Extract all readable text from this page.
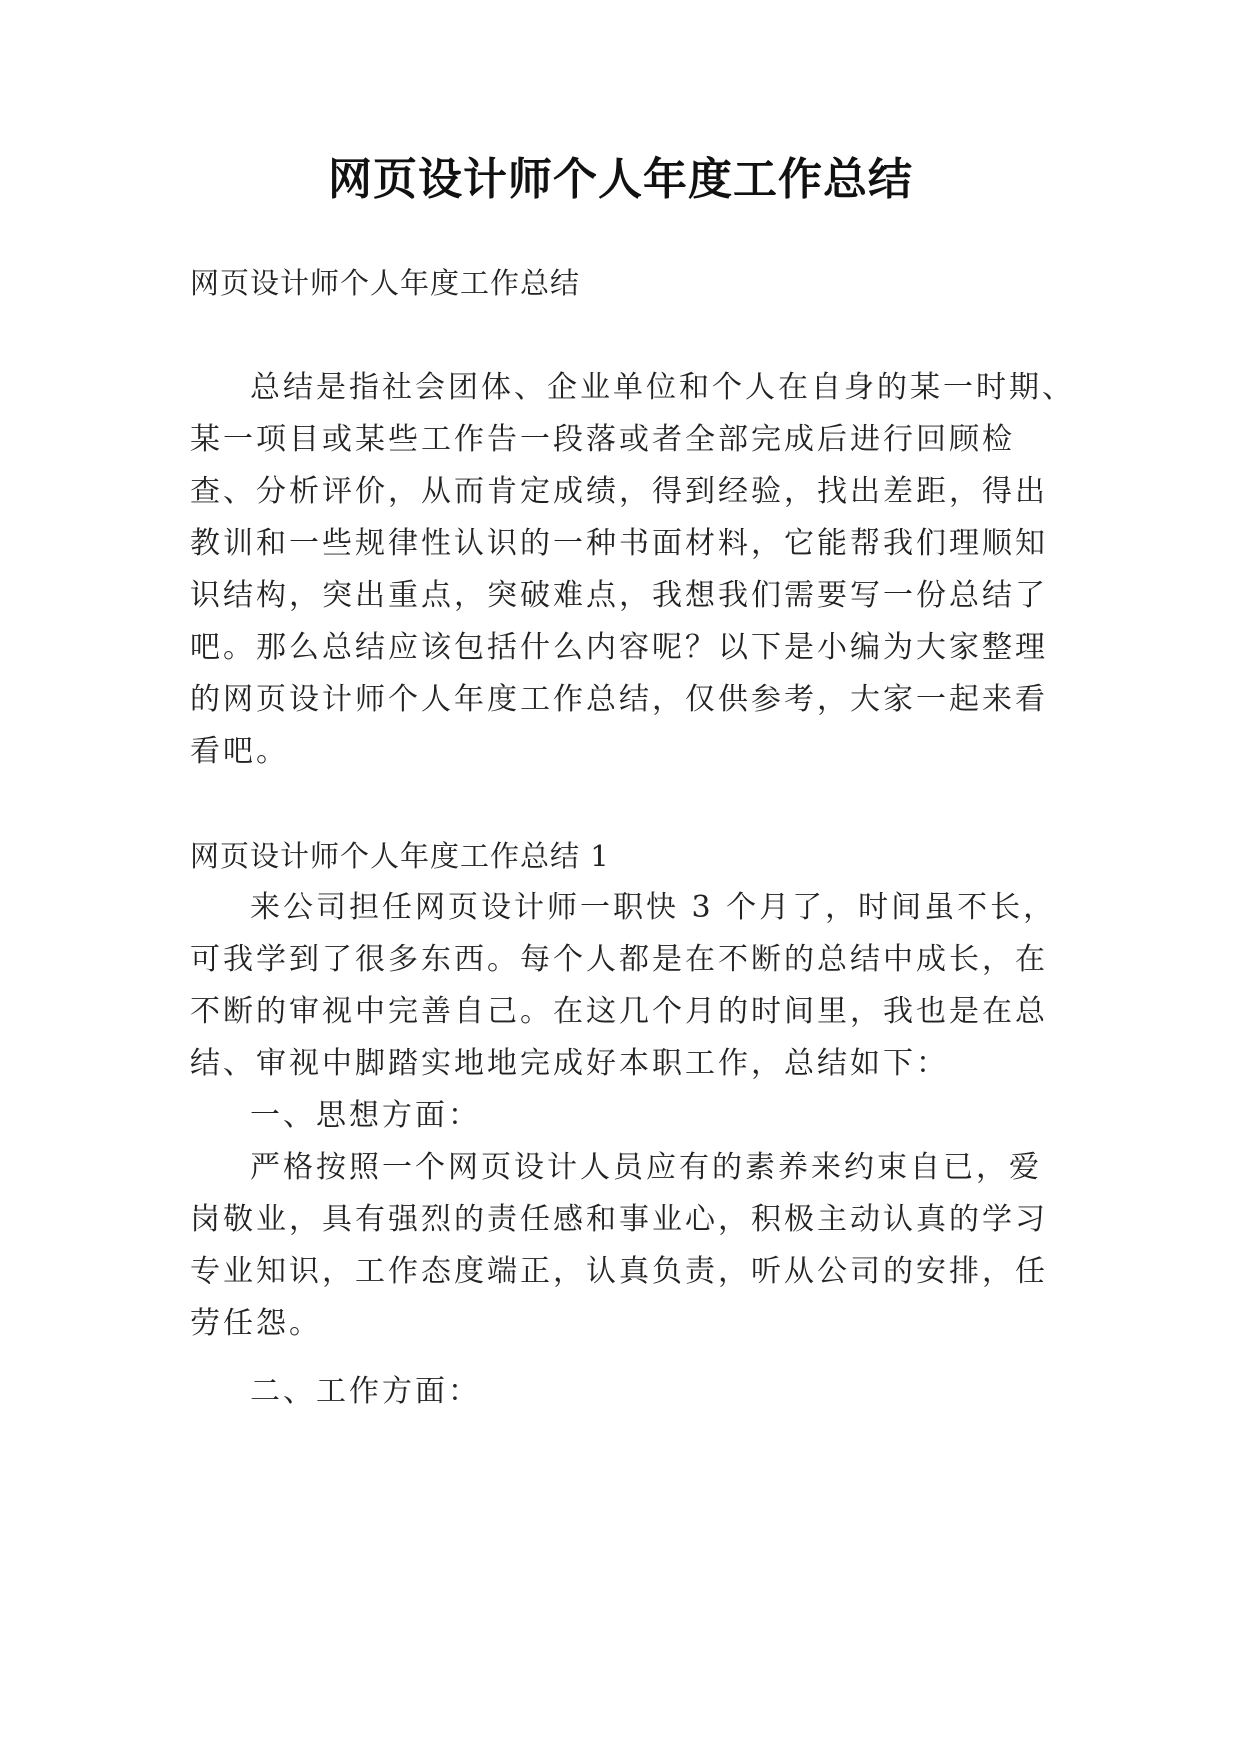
网页设计师个人年度工作总结
网页设计师个人年度工作总结
总结是指社会团体、企业单位和个人在自身的某一时期、
某一项目或某些工作告一段落或者全部完成后进行回顾检
查、分析评价，从而肯定成绩，得到经验，找出差距，得出
教训和一些规律性认识的一种书面材料，它能帮我们理顺知
识结构，突出重点，突破难点，我想我们需要写一份总结了
吧。那么总结应该包括什么内容呢？以下是小编为大家整理
的网页设计师个人年度工作总结，仅供参考，大家一起来看
看吧。
网页设计师个人年度工作总结 1
来公司担任网页设计师一职快 3 个月了，时间虽不长，
可我学到了很多东西。每个人都是在不断的总结中成长，在
不断的审视中完善自己。在这几个月的时间里，我也是在总
结、审视中脚踏实地地完成好本职工作，总结如下：
一、思想方面：
严格按照一个网页设计人员应有的素养来约束自已，爱
岗敬业，具有强烈的责任感和事业心，积极主动认真的学习
专业知识，工作态度端正，认真负责，听从公司的安排，任
劳任怨。
二、工作方面：
